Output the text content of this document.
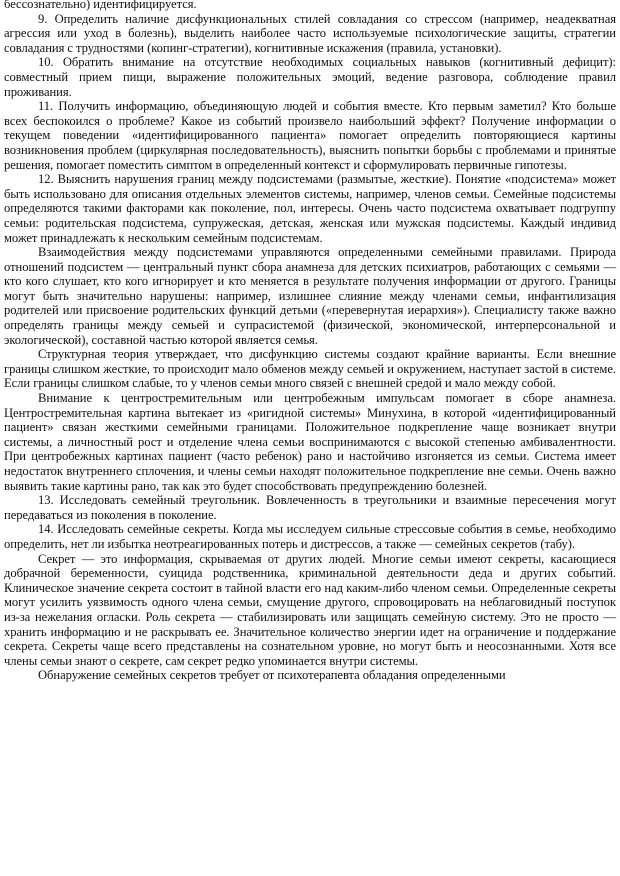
бессознательно) идентифицируется.

9. Определить наличие дисфункциональных стилей совладания со стрессом (например, неадекватная агрессия или уход в болезнь), выделить наиболее часто используемые психологические защиты, стратегии совладания с трудностями (копинг-стратегии), когнитивные искажения (правила, установки).

10. Обратить внимание на отсутствие необходимых социальных навыков (когнитивный дефицит): совместный прием пищи, выражение положительных эмоций, ведение разговора, соблюдение правил проживания.

11. Получить информацию, объединяющую людей и события вместе. Кто первым заметил? Кто больше всех беспокоился о проблеме? Какое из событий произвело наибольший эффект? Получение информации о текущем поведении «идентифицированного пациента» помогает определить повторяющиеся картины возникновения проблем (циркулярная последовательность), выяснить попытки борьбы с проблемами и принятые решения, помогает поместить симптом в определенный контекст и сформулировать первичные гипотезы.

12. Выяснить нарушения границ между подсистемами (размытые, жесткие). Понятие «подсистема» может быть использовано для описания отдельных элементов системы, например, членов семьи. Семейные подсистемы определяются такими факторами как поколение, пол, интересы. Очень часто подсистема охватывает подгруппу семьи: родительская подсистема, супружеская, детская, женская или мужская подсистемы. Каждый индивид может принадлежать к нескольким семейным подсистемам.

Взаимодействия между подсистемами управляются определенными семейными правилами. Природа отношений подсистем — центральный пункт сбора анамнеза для детских психиатров, работающих с семьями — кто кого слушает, кто кого игнорирует и кто меняется в результате получения информации от другого. Границы могут быть значительно нарушены: например, излишнее слияние между членами семьи, инфантилизация родителей или присвоение родительских функций детьми («перевернутая иерархия»). Специалисту также важно определять границы между семьей и супрасистемой (физической, экономической, интерперсональной и экологической), составной частью которой является семья.

Структурная теория утверждает, что дисфункцию системы создают крайние варианты. Если внешние границы слишком жесткие, то происходит мало обменов между семьей и окружением, наступает застой в системе. Если границы слишком слабые, то у членов семьи много связей с внешней средой и мало между собой.

Внимание к центростремительным или центробежным импульсам помогает в сборе анамнеза. Центростремительная картина вытекает из «ригидной системы» Минухина, в которой «идентифицированный пациент» связан жесткими семейными границами. Положительное подкрепление чаще возникает внутри системы, а личностный рост и отделение члена семьи воспринимаются с высокой степенью амбивалентности. При центробежных картинах пациент (часто ребенок) рано и настойчиво изгоняется из семьи. Система имеет недостаток внутреннего сплочения, и члены семьи находят положительное подкрепление вне семьи. Очень важно выявить такие картины рано, так как это будет способствовать предупреждению болезней.

13. Исследовать семейный треугольник. Вовлеченность в треугольники и взаимные пересечения могут передаваться из поколения в поколение.

14. Исследовать семейные секреты. Когда мы исследуем сильные стрессовые события в семье, необходимо определить, нет ли избытка неотреагированных потерь и дистрессов, а также — семейных секретов (табу).

Секрет — это информация, скрываемая от других людей. Многие семьи имеют секреты, касающиеся добрачной беременности, суицида родственника, криминальной деятельности деда и других событий. Клиническое значение секрета состоит в тайной власти его над каким-либо членом семьи. Определенные секреты могут усилить уязвимость одного члена семьи, смущение другого, спровоцировать на неблаговидный поступок из-за нежелания огласки. Роль секрета — стабилизировать или защищать семейную систему. Это не просто — хранить информацию и не раскрывать ее. Значительное количество энергии идет на ограничение и поддержание секрета. Секреты чаще всего представлены на сознательном уровне, но могут быть и неосознанными. Хотя все члены семьи знают о секрете, сам секрет редко упоминается внутри системы.

Обнаружение семейных секретов требует от психотерапевта обладания определенными
